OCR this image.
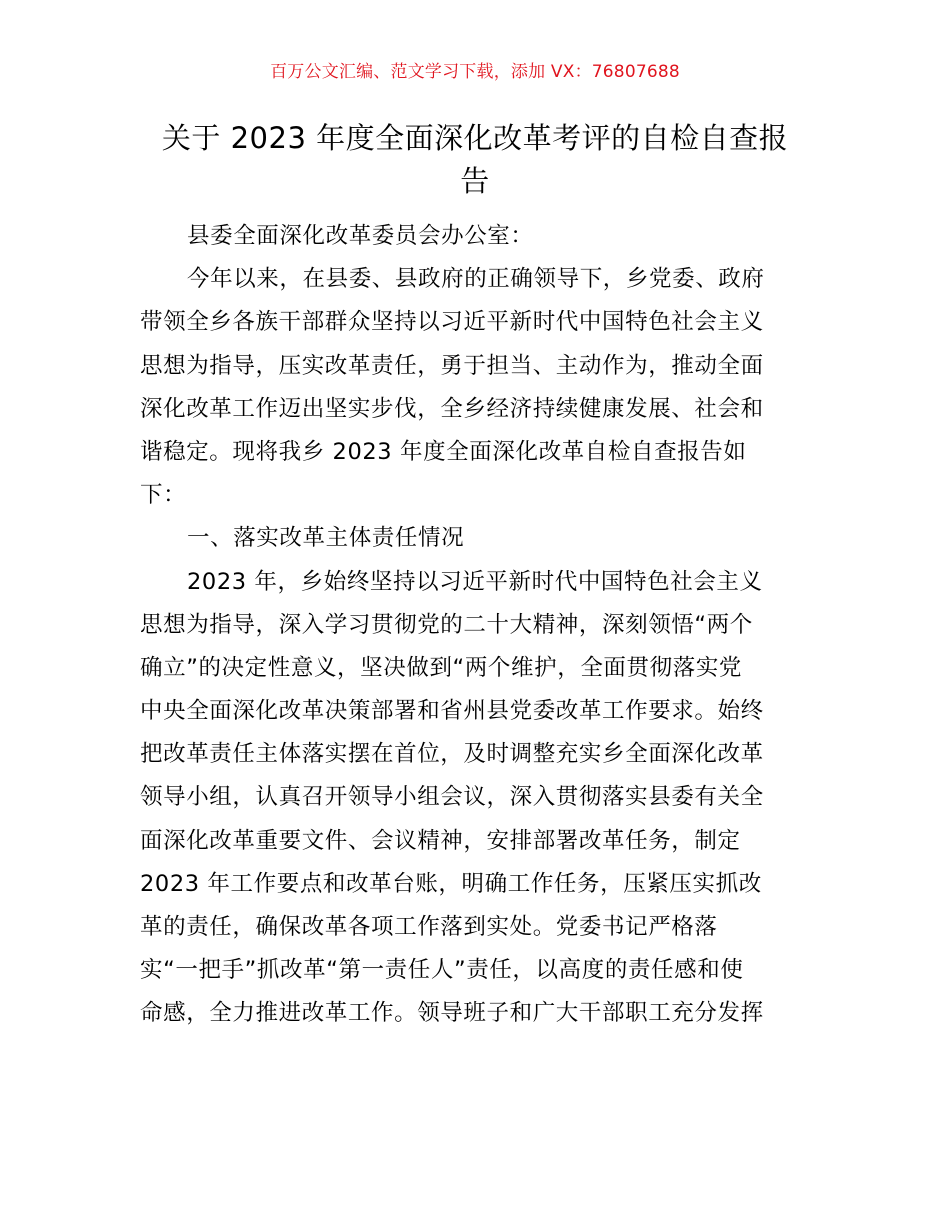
百万公文汇编、范文学习下载，添加 VX：76807688
关于 2023 年度全面深化改革考评的自检自查报
告
县委全面深化改革委员会办公室：
今年以来，在县委、县政府的正确领导下，乡党委、政府
带领全乡各族干部群众坚持以习近平新时代中国特色社会主义
思想为指导，压实改革责任，勇于担当、主动作为，推动全面
深化改革工作迈出坚实步伐，全乡经济持续健康发展、社会和
谐稳定。现将我乡 2023 年度全面深化改革自检自查报告如
下：
一、落实改革主体责任情况
2023 年，乡始终坚持以习近平新时代中国特色社会主义
思想为指导，深入学习贯彻党的二十大精神，深刻领悟“两个
确立”的决定性意义，坚决做到“两个维护，全面贯彻落实党
中央全面深化改革决策部署和省州县党委改革工作要求。始终
把改革责任主体落实摆在首位，及时调整充实乡全面深化改革
领导小组，认真召开领导小组会议，深入贯彻落实县委有关全
面深化改革重要文件、会议精神，安排部署改革任务，制定
2023 年工作要点和改革台账，明确工作任务，压紧压实抓改
革的责任，确保改革各项工作落到实处。党委书记严格落
实“一把手”抓改革“第一责任人”责任，以高度的责任感和使
命感，全力推进改革工作。领导班子和广大干部职工充分发挥
